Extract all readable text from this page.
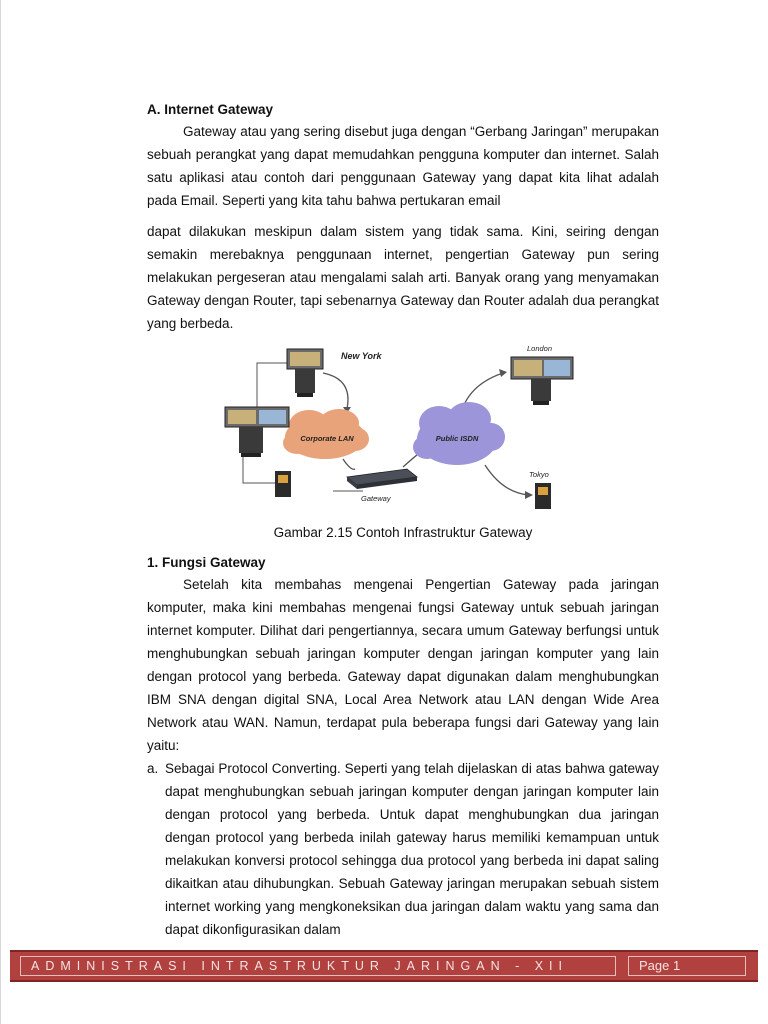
A. Internet Gateway

Gateway atau yang sering disebut juga dengan “Gerbang Jaringan” merupakan sebuah perangkat yang dapat memudahkan pengguna komputer dan internet. Salah satu aplikasi atau contoh dari penggunaan Gateway yang dapat kita lihat adalah pada Email. Seperti yang kita tahu bahwa pertukaran email

dapat dilakukan meskipun dalam sistem yang tidak sama. Kini, seiring dengan semakin merebaknya penggunaan internet, pengertian Gateway pun sering melakukan pergeseran atau mengalami salah arti. Banyak orang yang menyamakan Gateway dengan Router, tapi sebenarnya Gateway dan Router adalah dua perangkat yang berbeda.

Corporate LAN	Public ISDN
New York
Gateway
London
Tokyo

Gambar 2.15 Contoh Infrastruktur Gateway

1. Fungsi Gateway

Setelah kita membahas mengenai Pengertian Gateway pada jaringan komputer, maka kini membahas mengenai fungsi Gateway untuk sebuah jaringan internet komputer. Dilihat dari pengertiannya, secara umum Gateway berfungsi untuk menghubungkan sebuah jaringan komputer dengan jaringan komputer yang lain dengan protocol yang berbeda. Gateway dapat digunakan dalam menghubungkan IBM SNA dengan digital SNA, Local Area Network atau LAN dengan Wide Area Network atau WAN. Namun, terdapat pula beberapa fungsi dari Gateway yang lain yaitu:

a. Sebagai Protocol Converting. Seperti yang telah dijelaskan di atas bahwa gateway dapat menghubungkan sebuah jaringan komputer dengan jaringan komputer lain dengan protocol yang berbeda. Untuk dapat menghubungkan dua jaringan dengan protocol yang berbeda inilah gateway harus memiliki kemampuan untuk melakukan konversi protocol sehingga dua protocol yang berbeda ini dapat saling dikaitkan atau dihubungkan. Sebuah Gateway jaringan merupakan sebuah sistem internet working yang mengkoneksikan dua jaringan dalam waktu yang sama dan dapat dikonfigurasikan dalam
ADMINISTRASI INTRASTRUKTUR JARINGAN - XII	Page 1
